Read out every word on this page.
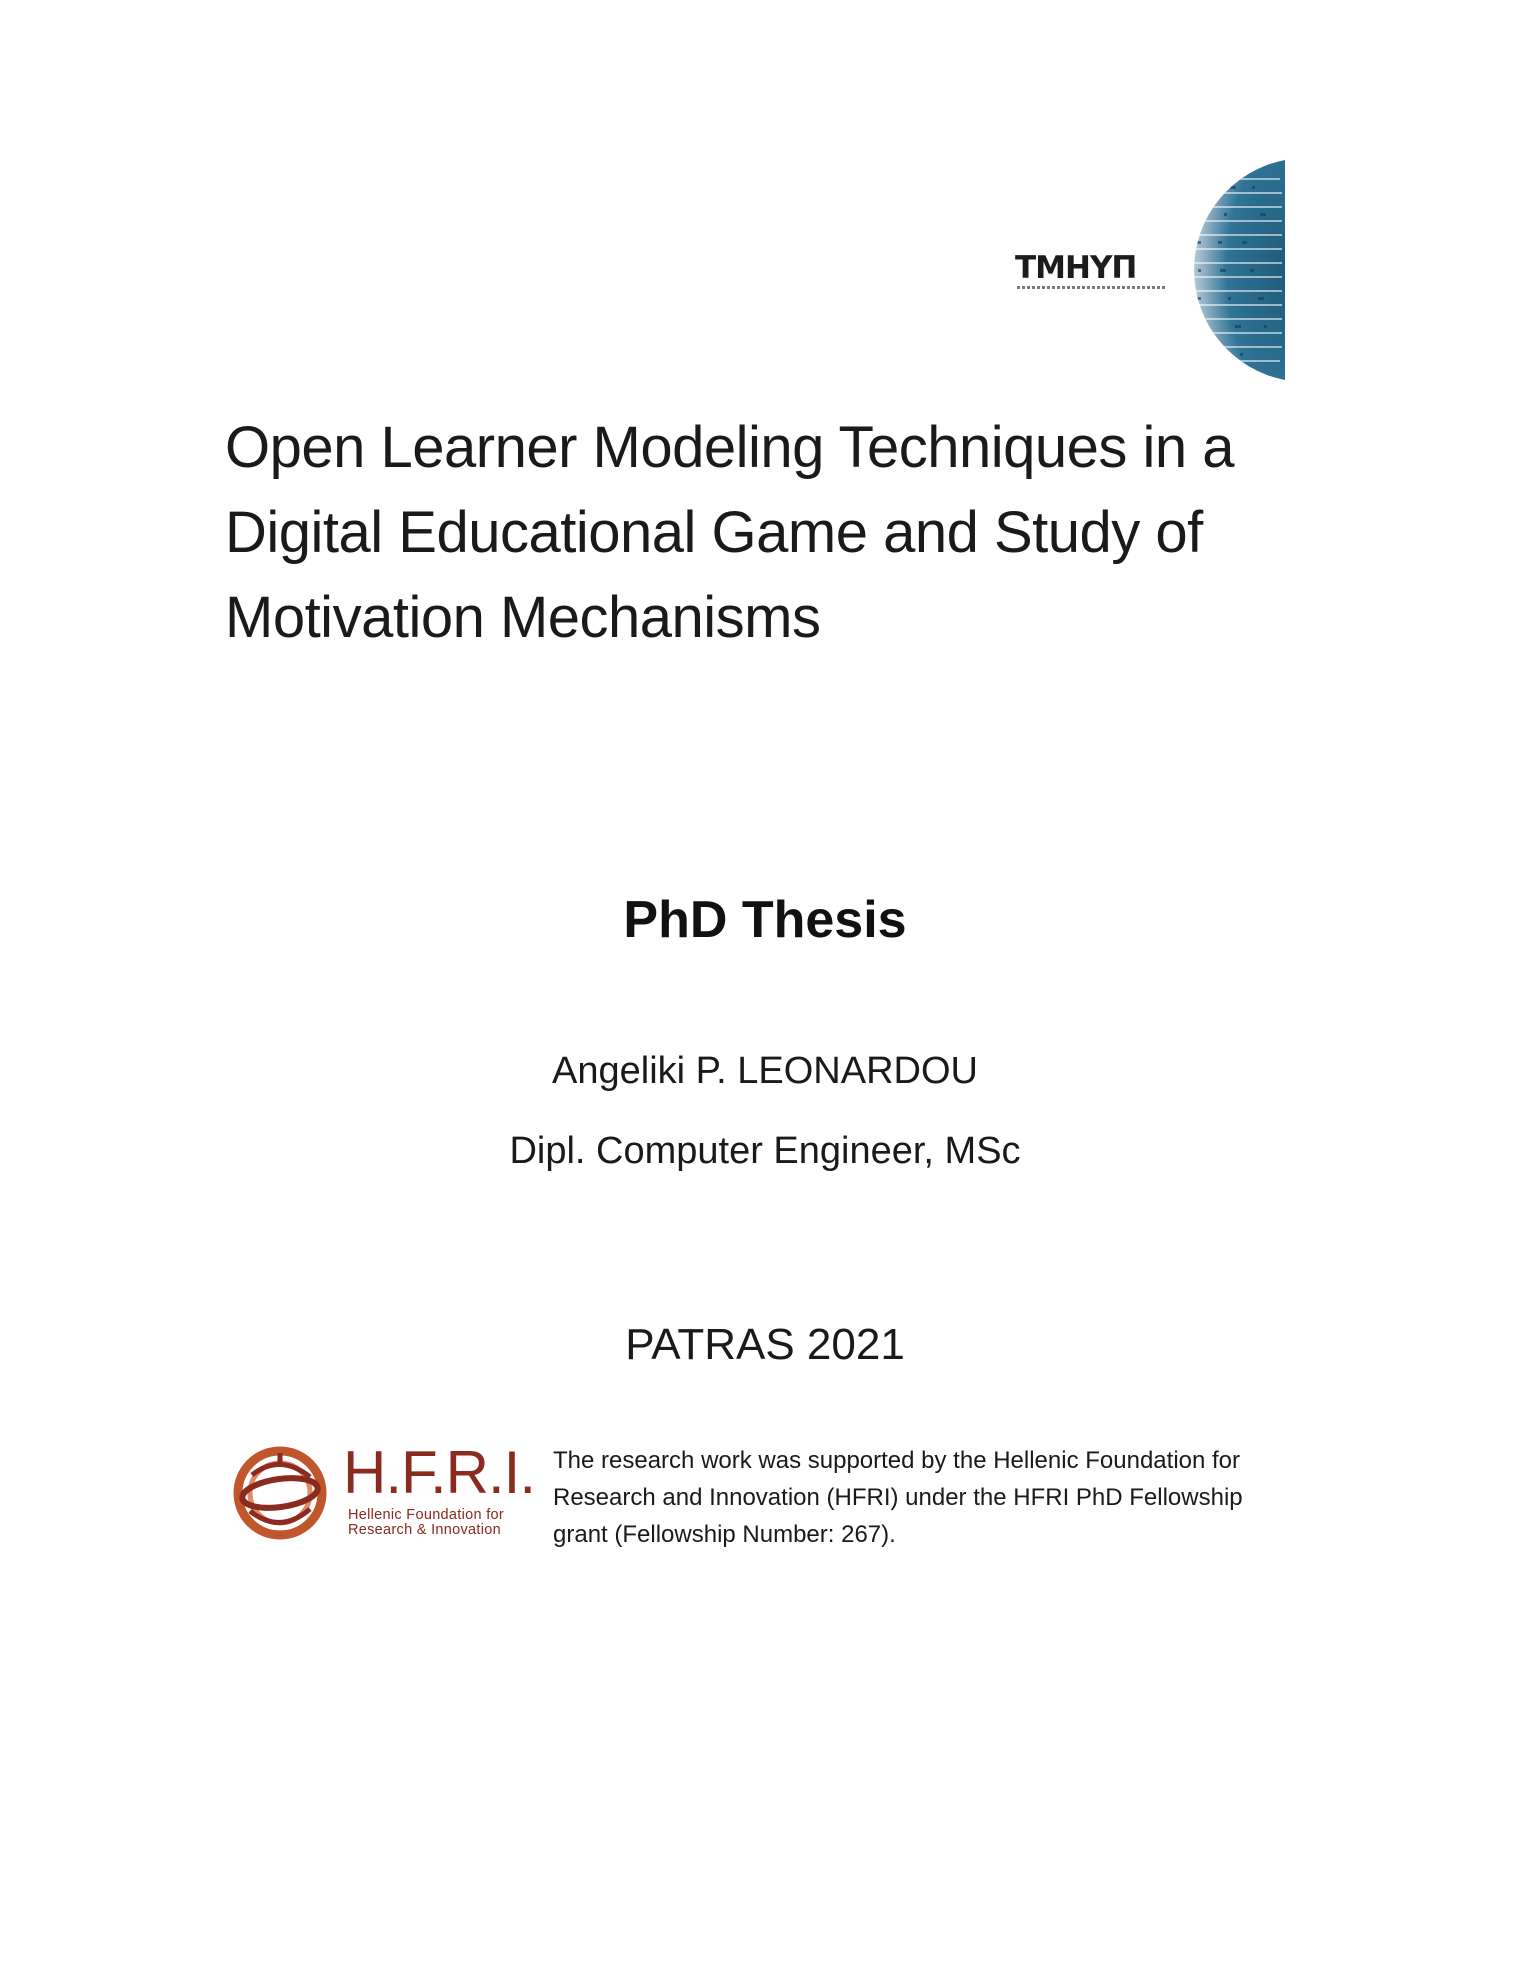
ΤΜΗΥΠ
Open Learner Modeling Techniques in a
Digital Educational Game and Study of
Motivation Mechanisms
PhD Thesis
Angeliki P. LEONARDOU
Dipl. Computer Engineer, MSc
PATRAS 2021
H.F.R.I.
Hellenic Foundation for
Research & Innovation
The research work was supported by the Hellenic Foundation for
Research and Innovation (HFRI) under the HFRI PhD Fellowship
grant (Fellowship Number: 267).
